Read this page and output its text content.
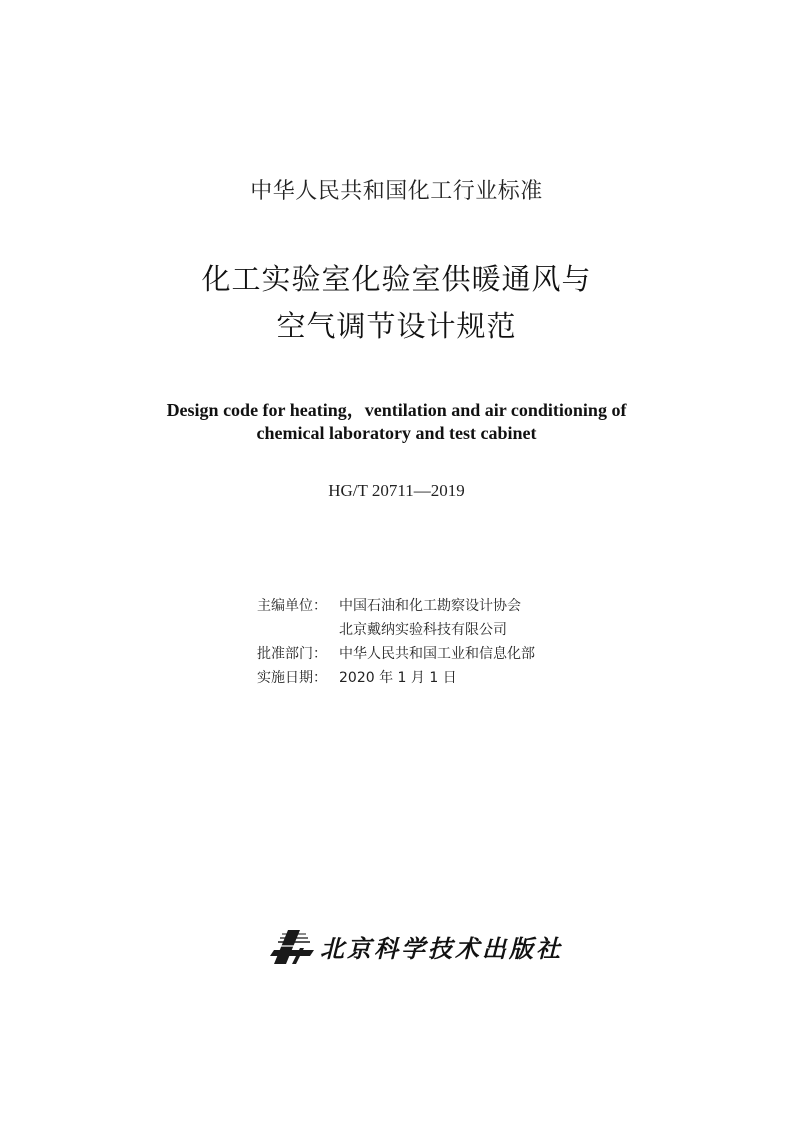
中华人民共和国化工行业标准
化工实验室化验室供暖通风与
空气调节设计规范
Design code for heating，ventilation and air conditioning of
chemical laboratory and test cabinet
HG/T 20711—2019
主编单位： 中国石油和化工勘察设计协会
北京戴纳实验科技有限公司
批准部门： 中华人民共和国工业和信息化部
实施日期： 2020 年 1 月 1 日
北京科学技术出版社
